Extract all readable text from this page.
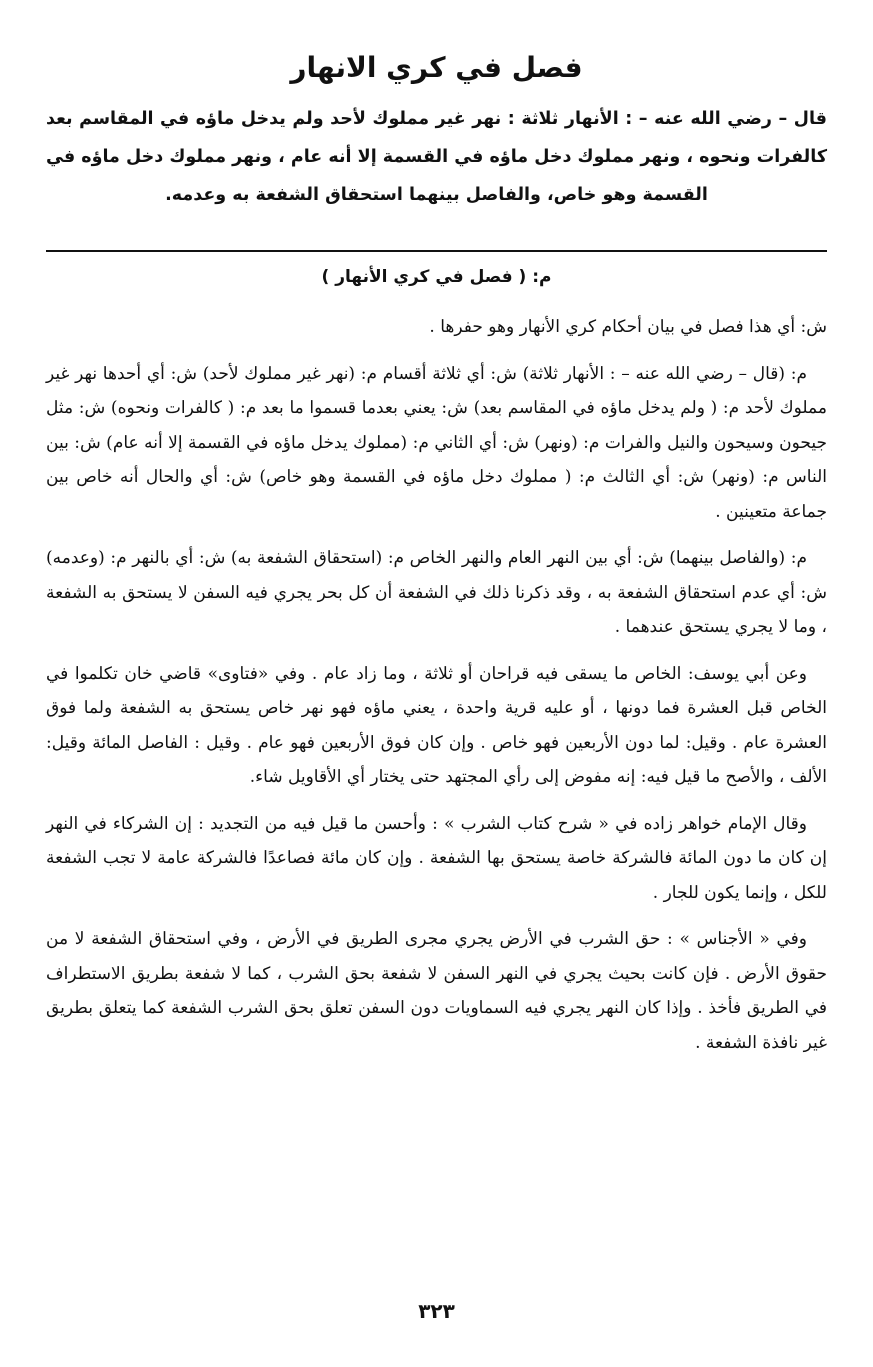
فصل في كري الانهار

قال – رضي الله عنه – : الأنهار ثلاثة : نهر غير مملوك لأحد ولم يدخل ماؤه في المقاسم بعد كالفرات ونحوه ، ونهر مملوك دخل ماؤه في القسمة إلا أنه عام ، ونهر مملوك دخل ماؤه في القسمة وهو خاص، والفاصل بينهما استحقاق الشفعة به وعدمه.

م: ( فصل في كري الأنهار )

ش: أي هذا فصل في بيان أحكام كري الأنهار وهو حفرها .

م: (قال – رضي الله عنه – : الأنهار ثلاثة) ش: أي ثلاثة أقسام م: (نهر غير مملوك لأحد) ش: أي أحدها نهر غير مملوك لأحد م: ( ولم يدخل ماؤه في المقاسم بعد) ش: يعني بعدما قسموا ما بعد م: ( كالفرات ونحوه) ش: مثل جيحون وسيحون والنيل والفرات م: (ونهر) ش: أي الثاني م: (مملوك يدخل ماؤه في القسمة إلا أنه عام) ش: بين الناس م: (ونهر) ش: أي الثالث م: ( مملوك دخل ماؤه في القسمة وهو خاص) ش: أي والحال أنه خاص بين جماعة متعينين .

م: (والفاصل بينهما) ش: أي بين النهر العام والنهر الخاص م: (استحقاق الشفعة به) ش: أي بالنهر م: (وعدمه) ش: أي عدم استحقاق الشفعة به ، وقد ذكرنا ذلك في الشفعة أن كل بحر يجري فيه السفن لا يستحق به الشفعة ، وما لا يجري يستحق عندهما .

وعن أبي يوسف: الخاص ما يسقى فيه قراحان أو ثلاثة ، وما زاد عام . وفي «فتاوى» قاضي خان تكلموا في الخاص قبل العشرة فما دونها ، أو عليه قرية واحدة ، يعني ماؤه فهو نهر خاص يستحق به الشفعة ولما فوق العشرة عام . وقيل: لما دون الأربعين فهو خاص . وإن كان فوق الأربعين فهو عام . وقيل : الفاصل المائة وقيل: الألف ، والأصح ما قيل فيه: إنه مفوض إلى رأي المجتهد حتى يختار أي الأقاويل شاء.

وقال الإمام خواهر زاده في « شرح كتاب الشرب » : وأحسن ما قيل فيه من التجديد : إن الشركاء في النهر إن كان ما دون المائة فالشركة خاصة يستحق بها الشفعة . وإن كان مائة فصاعدًا فالشركة عامة لا تجب الشفعة للكل ، وإنما يكون للجار .

وفي « الأجناس » : حق الشرب في الأرض يجري مجرى الطريق في الأرض ، وفي استحقاق الشفعة لا من حقوق الأرض . فإن كانت بحيث يجري في النهر السفن لا شفعة بحق الشرب ، كما لا شفعة بطريق الاستطراف في الطريق فأخذ . وإذا كان النهر يجري فيه السماويات دون السفن تعلق بحق الشرب الشفعة كما يتعلق بطريق غير نافذة الشفعة .

٣٢٣
